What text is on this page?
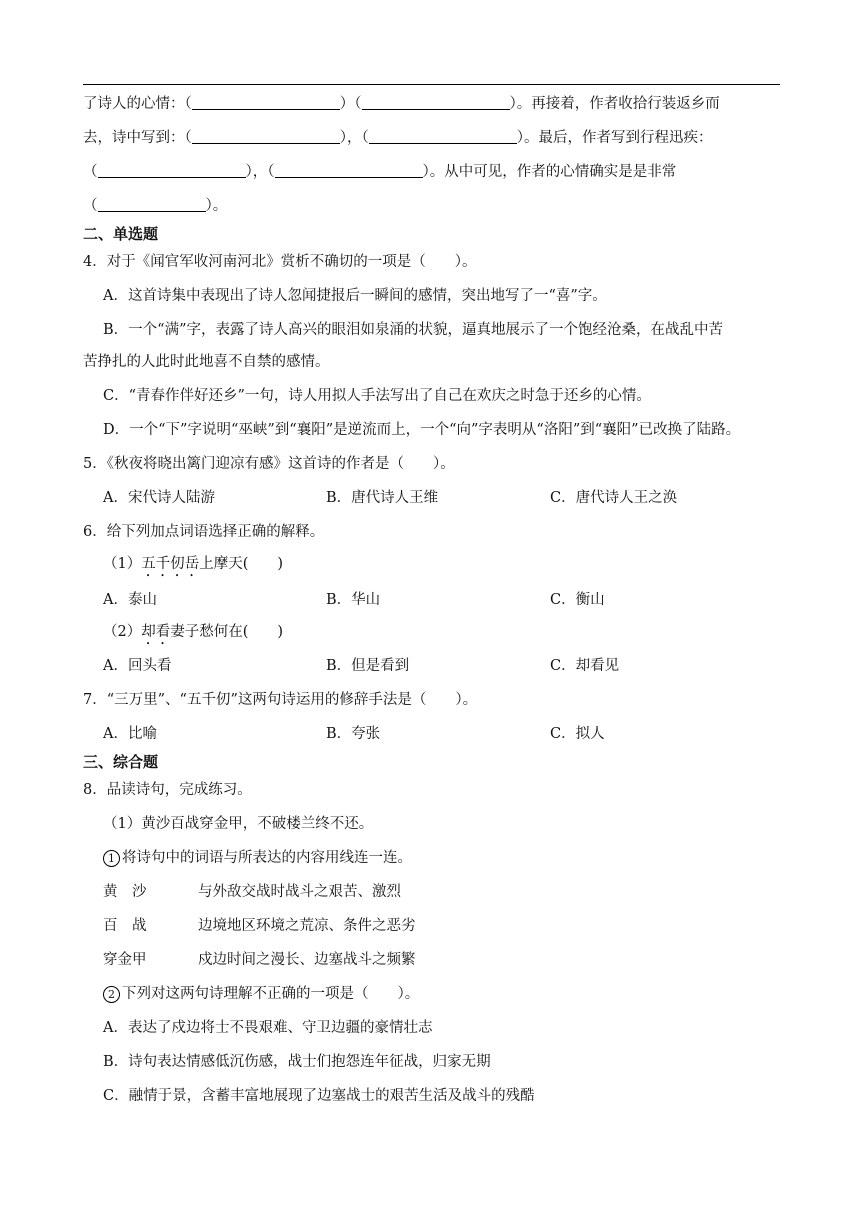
了诗人的心情：（	）（	）。再接着，作者收拾行装返乡而
去，诗中写到：（	），（	）。最后，作者写到行程迅疾：
（	），（	）。从中可见，作者的心情确实是是非常
（	）。
二、单选题
4．对于《闻官军收河南河北》赏析不确切的一项是（　　）。
A．这首诗集中表现出了诗人忽闻捷报后一瞬间的感情，突出地写了一“喜”字。
B．一个“满”字，表露了诗人高兴的眼泪如泉涌的状貌，逼真地展示了一个饱经沧桑，在战乱中苦
苦挣扎的人此时此地喜不自禁的感情。
C．“青春作伴好还乡”一句，诗人用拟人手法写出了自己在欢庆之时急于还乡的心情。
D．一个“下”字说明“巫峡”到“襄阳”是逆流而上，一个“向”字表明从“洛阳”到“襄阳”已改换了陆路。
5．《秋夜将晓出篱门迎凉有感》这首诗的作者是（　　）。
A．宋代诗人陆游	B．唐代诗人王维	C．唐代诗人王之涣
6．给下列加点词语选择正确的解释。
（1）五千仞岳上摩天(　　)
A．泰山	B．华山	C．衡山
（2）却看妻子愁何在(　　)
A．回头看	B．但是看到	C．却看见
7．“三万里”、“五千仞”这两句诗运用的修辞手法是（　　）。
A．比喻	B．夸张	C．拟人
三、综合题
8．品读诗句，完成练习。
（1）黄沙百战穿金甲，不破楼兰终不还。
1 将诗句中的词语与所表达的内容用线连一连。
黄　沙	与外敌交战时战斗之艰苦、激烈
百　战	边境地区环境之荒凉、条件之恶劣
穿金甲	戍边时间之漫长、边塞战斗之频繁
2 下列对这两句诗理解不正确的一项是（　　）。
A．表达了戍边将士不畏艰难、守卫边疆的豪情壮志
B．诗句表达情感低沉伤感，战士们抱怨连年征战，归家无期
C．融情于景，含蓄丰富地展现了边塞战士的艰苦生活及战斗的残酷
